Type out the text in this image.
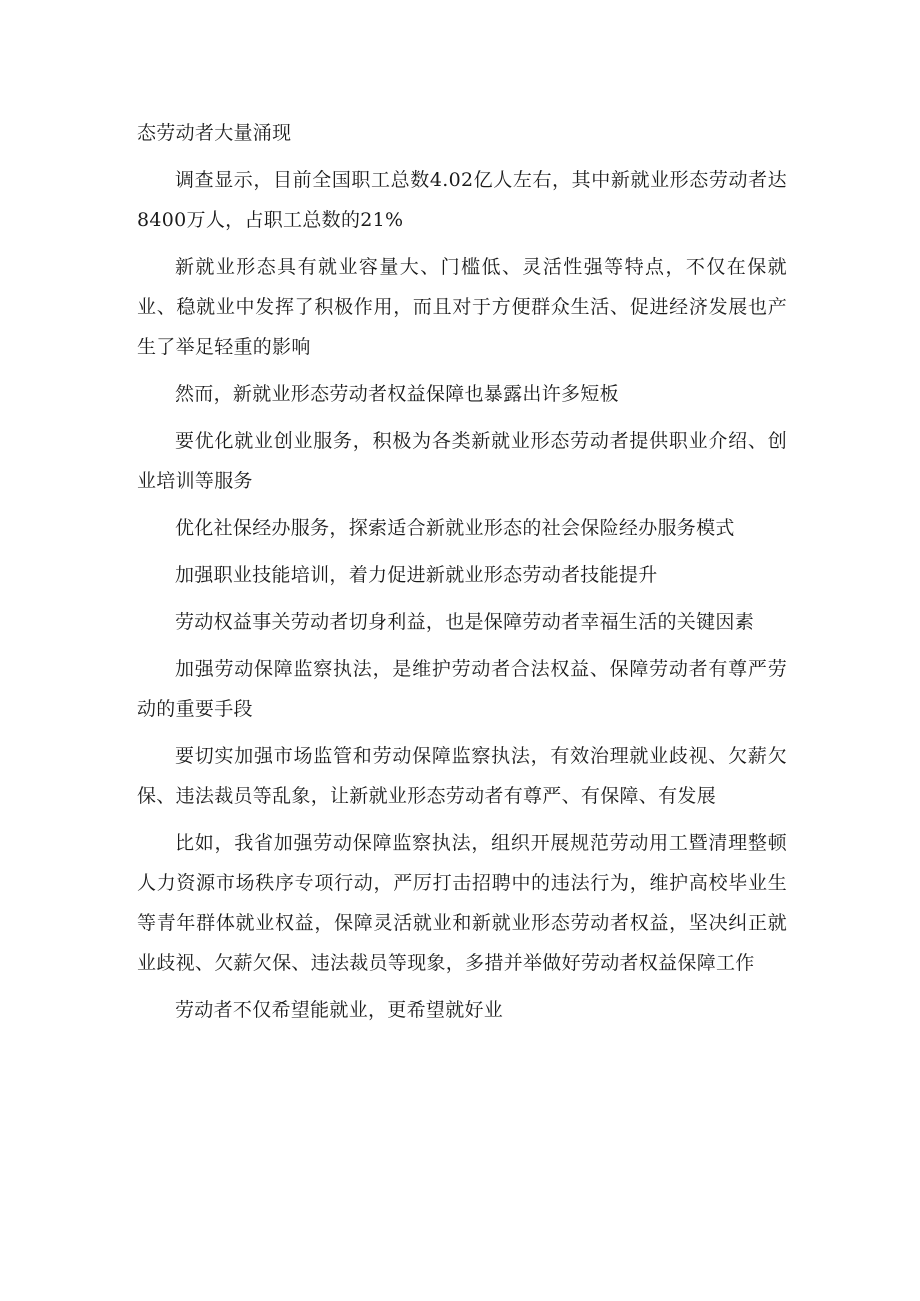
态劳动者大量涌现

调查显示，目前全国职工总数4.02亿人左右，其中新就业形态劳动者达8400万人，占职工总数的21%

新就业形态具有就业容量大、门槛低、灵活性强等特点，不仅在保就业、稳就业中发挥了积极作用，而且对于方便群众生活、促进经济发展也产生了举足轻重的影响

然而，新就业形态劳动者权益保障也暴露出许多短板

要优化就业创业服务，积极为各类新就业形态劳动者提供职业介绍、创业培训等服务

优化社保经办服务，探索适合新就业形态的社会保险经办服务模式

加强职业技能培训，着力促进新就业形态劳动者技能提升

劳动权益事关劳动者切身利益，也是保障劳动者幸福生活的关键因素

加强劳动保障监察执法，是维护劳动者合法权益、保障劳动者有尊严劳动的重要手段

要切实加强市场监管和劳动保障监察执法，有效治理就业歧视、欠薪欠保、违法裁员等乱象，让新就业形态劳动者有尊严、有保障、有发展

比如，我省加强劳动保障监察执法，组织开展规范劳动用工暨清理整顿人力资源市场秩序专项行动，严厉打击招聘中的违法行为，维护高校毕业生等青年群体就业权益，保障灵活就业和新就业形态劳动者权益，坚决纠正就业歧视、欠薪欠保、违法裁员等现象，多措并举做好劳动者权益保障工作

劳动者不仅希望能就业，更希望就好业
